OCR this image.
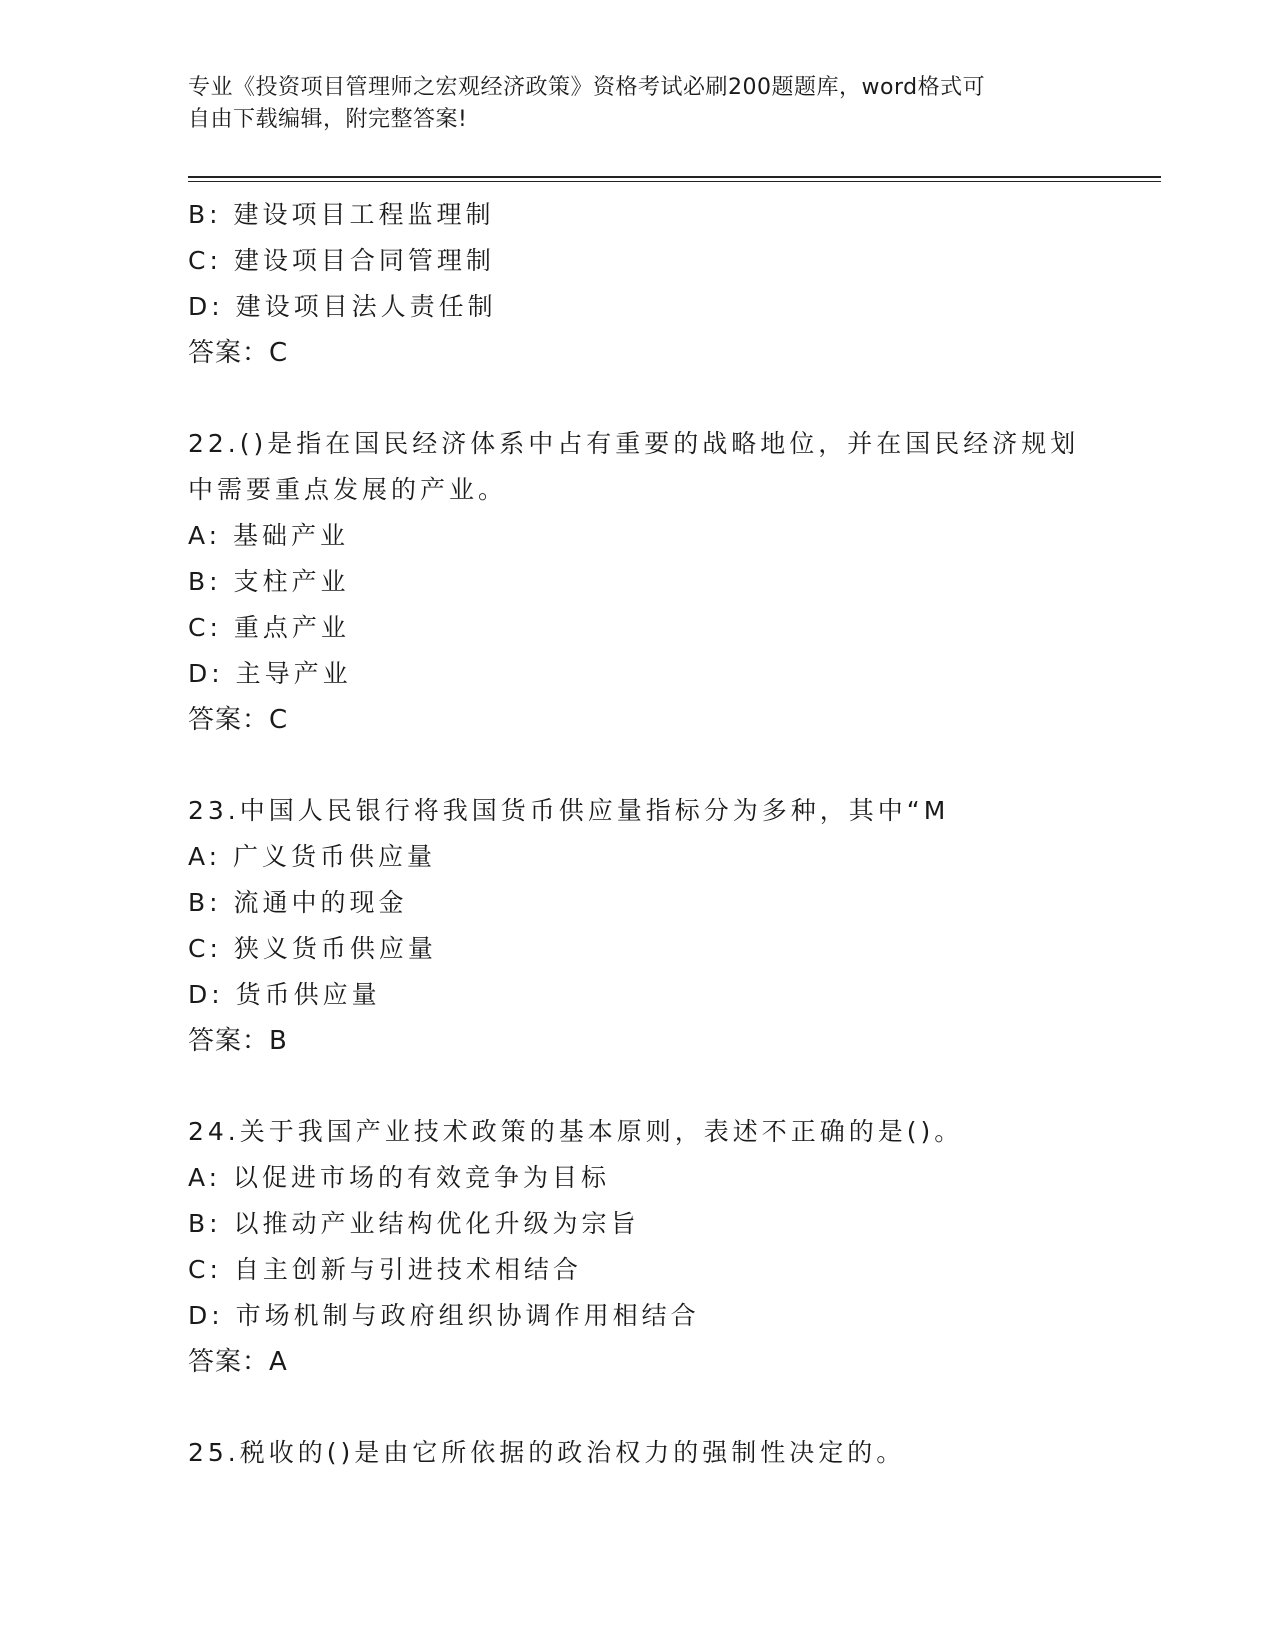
专业《投资项目管理师之宏观经济政策》资格考试必刷200题题库，word格式可
自由下载编辑，附完整答案!
B: 建设项目工程监理制
C: 建设项目合同管理制
D: 建设项目法人责任制
答案：C
22.()是指在国民经济体系中占有重要的战略地位，并在国民经济规划
中需要重点发展的产业。
A: 基础产业
B: 支柱产业
C: 重点产业
D: 主导产业
答案：C
23.中国人民银行将我国货币供应量指标分为多种，其中“M
A: 广义货币供应量
B: 流通中的现金
C: 狭义货币供应量
D: 货币供应量
答案：B
24.关于我国产业技术政策的基本原则，表述不正确的是()。
A: 以促进市场的有效竞争为目标
B: 以推动产业结构优化升级为宗旨
C: 自主创新与引进技术相结合
D: 市场机制与政府组织协调作用相结合
答案：A
25.税收的()是由它所依据的政治权力的强制性决定的。
